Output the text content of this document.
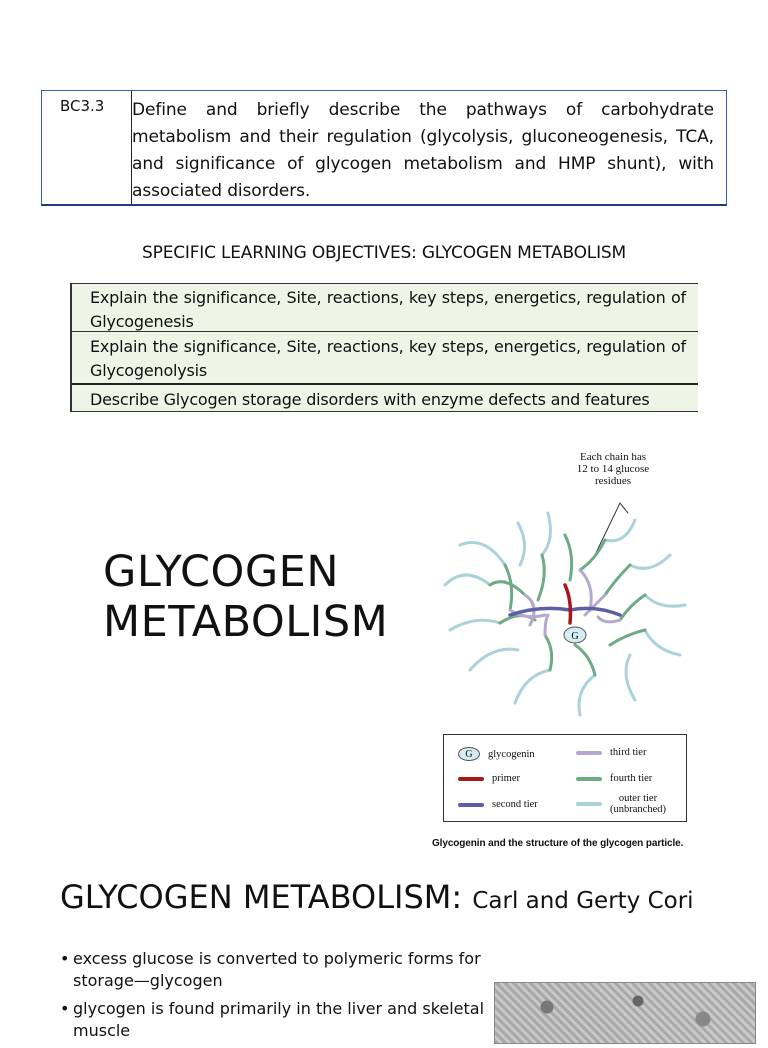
BC3.3	Define and briefly describe the pathways of carbohydrate metabolism and their regulation (glycolysis, gluconeogenesis, TCA, and significance of glycogen metabolism and HMP shunt), with associated disorders.
SPECIFIC LEARNING OBJECTIVES: GLYCOGEN METABOLISM
Explain the significance, Site, reactions, key steps, energetics, regulation of Glycogenesis
Explain the significance, Site, reactions, key steps, energetics, regulation of Glycogenolysis
Describe Glycogen storage disorders with enzyme defects and features
GLYCOGEN
METABOLISM
Each chain has
12 to 14 glucose
residues
G
G	glycogenin
primer
second tier
third tier
fourth tier
outer tier
(unbranched)
Glycogenin and the structure of the glycogen particle.
GLYCOGEN METABOLISM: Carl and Gerty Cori
• excess glucose is converted to polymeric forms for storage—glycogen
• glycogen is found primarily in the liver and skeletal muscle
